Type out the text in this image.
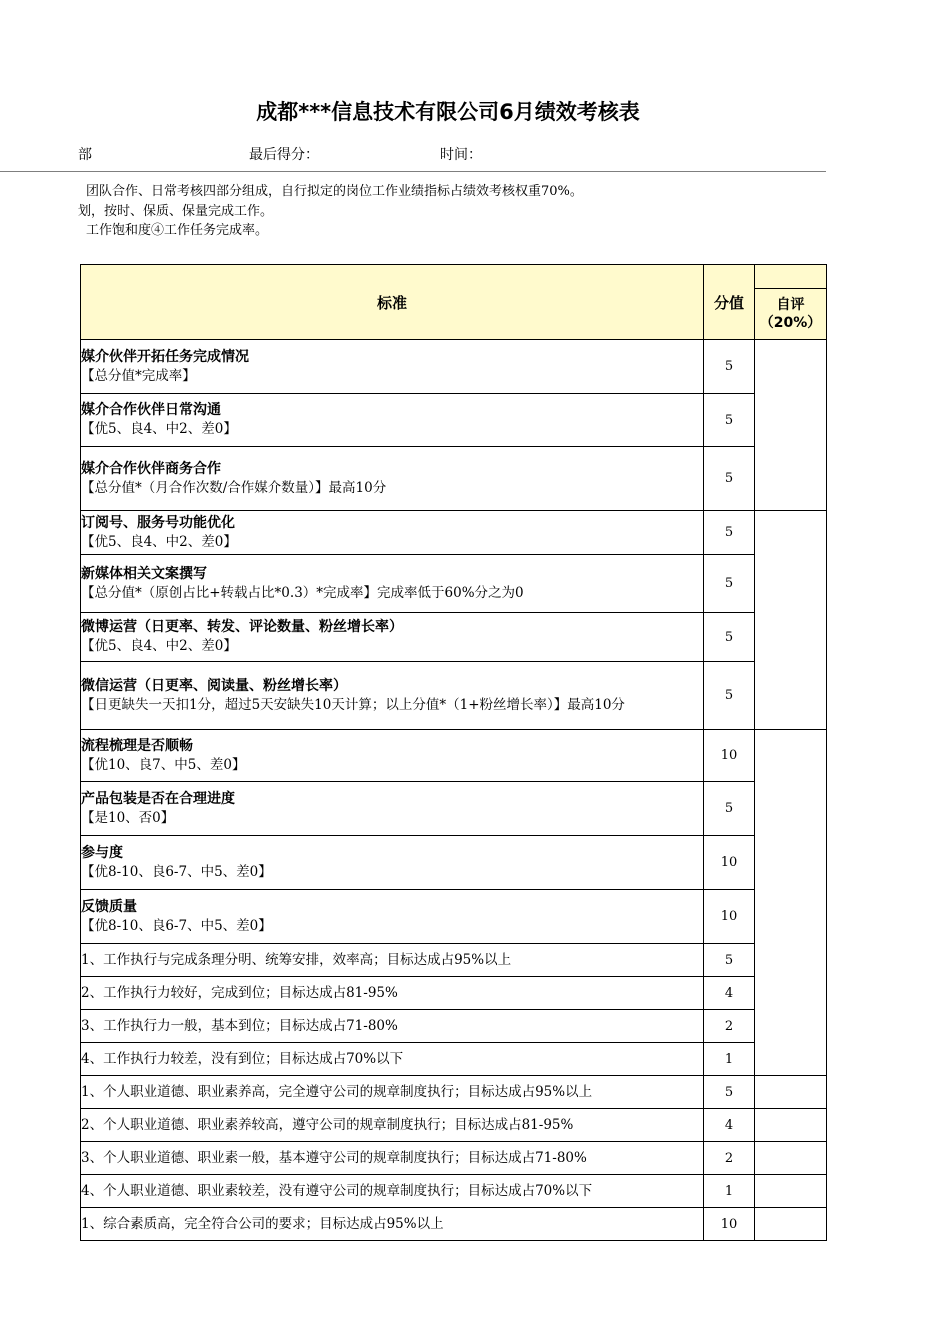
成都***信息技术有限公司6月绩效考核表
部	最后得分：	时间：
团队合作、日常考核四部分组成，自行拟定的岗位工作业绩指标占绩效考核权重70%。
划，按时、保质、保量完成工作。
工作饱和度④工作任务完成率。
标准	分值	
		自评
（20%）

媒介伙伴开拓任务完成情况
【总分值*完成率】	5	

媒介合作伙伴日常沟通
【优5、良4、中2、差0】	5	

媒介合作伙伴商务合作
【总分值*（月合作次数/合作媒介数量）】最高10分	5	

订阅号、服务号功能优化
【优5、良4、中2、差0】	5	

新媒体相关文案撰写
【总分值*（原创占比+转载占比*0.3）*完成率】完成率低于60%分之为0	5	

微博运营（日更率、转发、评论数量、粉丝增长率）
【优5、良4、中2、差0】	5	

微信运营（日更率、阅读量、粉丝增长率）
【日更缺失一天扣1分，超过5天安缺失10天计算；以上分值*（1+粉丝增长率）】最高10分	5	

流程梳理是否顺畅
【优10、良7、中5、差0】	10	

产品包装是否在合理进度
【是10、否0】	5	

参与度
【优8-10、良6-7、中5、差0】	10	

反馈质量
【优8-10、良6-7、中5、差0】	10	
1、工作执行与完成条理分明、统筹安排，效率高；目标达成占95%以上	5	
2、工作执行力较好，完成到位；目标达成占81-95%	4	
3、工作执行力一般，基本到位；目标达成占71-80%	2	
4、工作执行力较差，没有到位；目标达成占70%以下	1	
1、个人职业道德、职业素养高，完全遵守公司的规章制度执行；目标达成占95%以上	5	
2、个人职业道德、职业素养较高，遵守公司的规章制度执行；目标达成占81-95%	4	
3、个人职业道德、职业素一般，基本遵守公司的规章制度执行；目标达成占71-80%	2	
4、个人职业道德、职业素较差，没有遵守公司的规章制度执行；目标达成占70%以下	1	
1、综合素质高，完全符合公司的要求；目标达成占95%以上	10	
